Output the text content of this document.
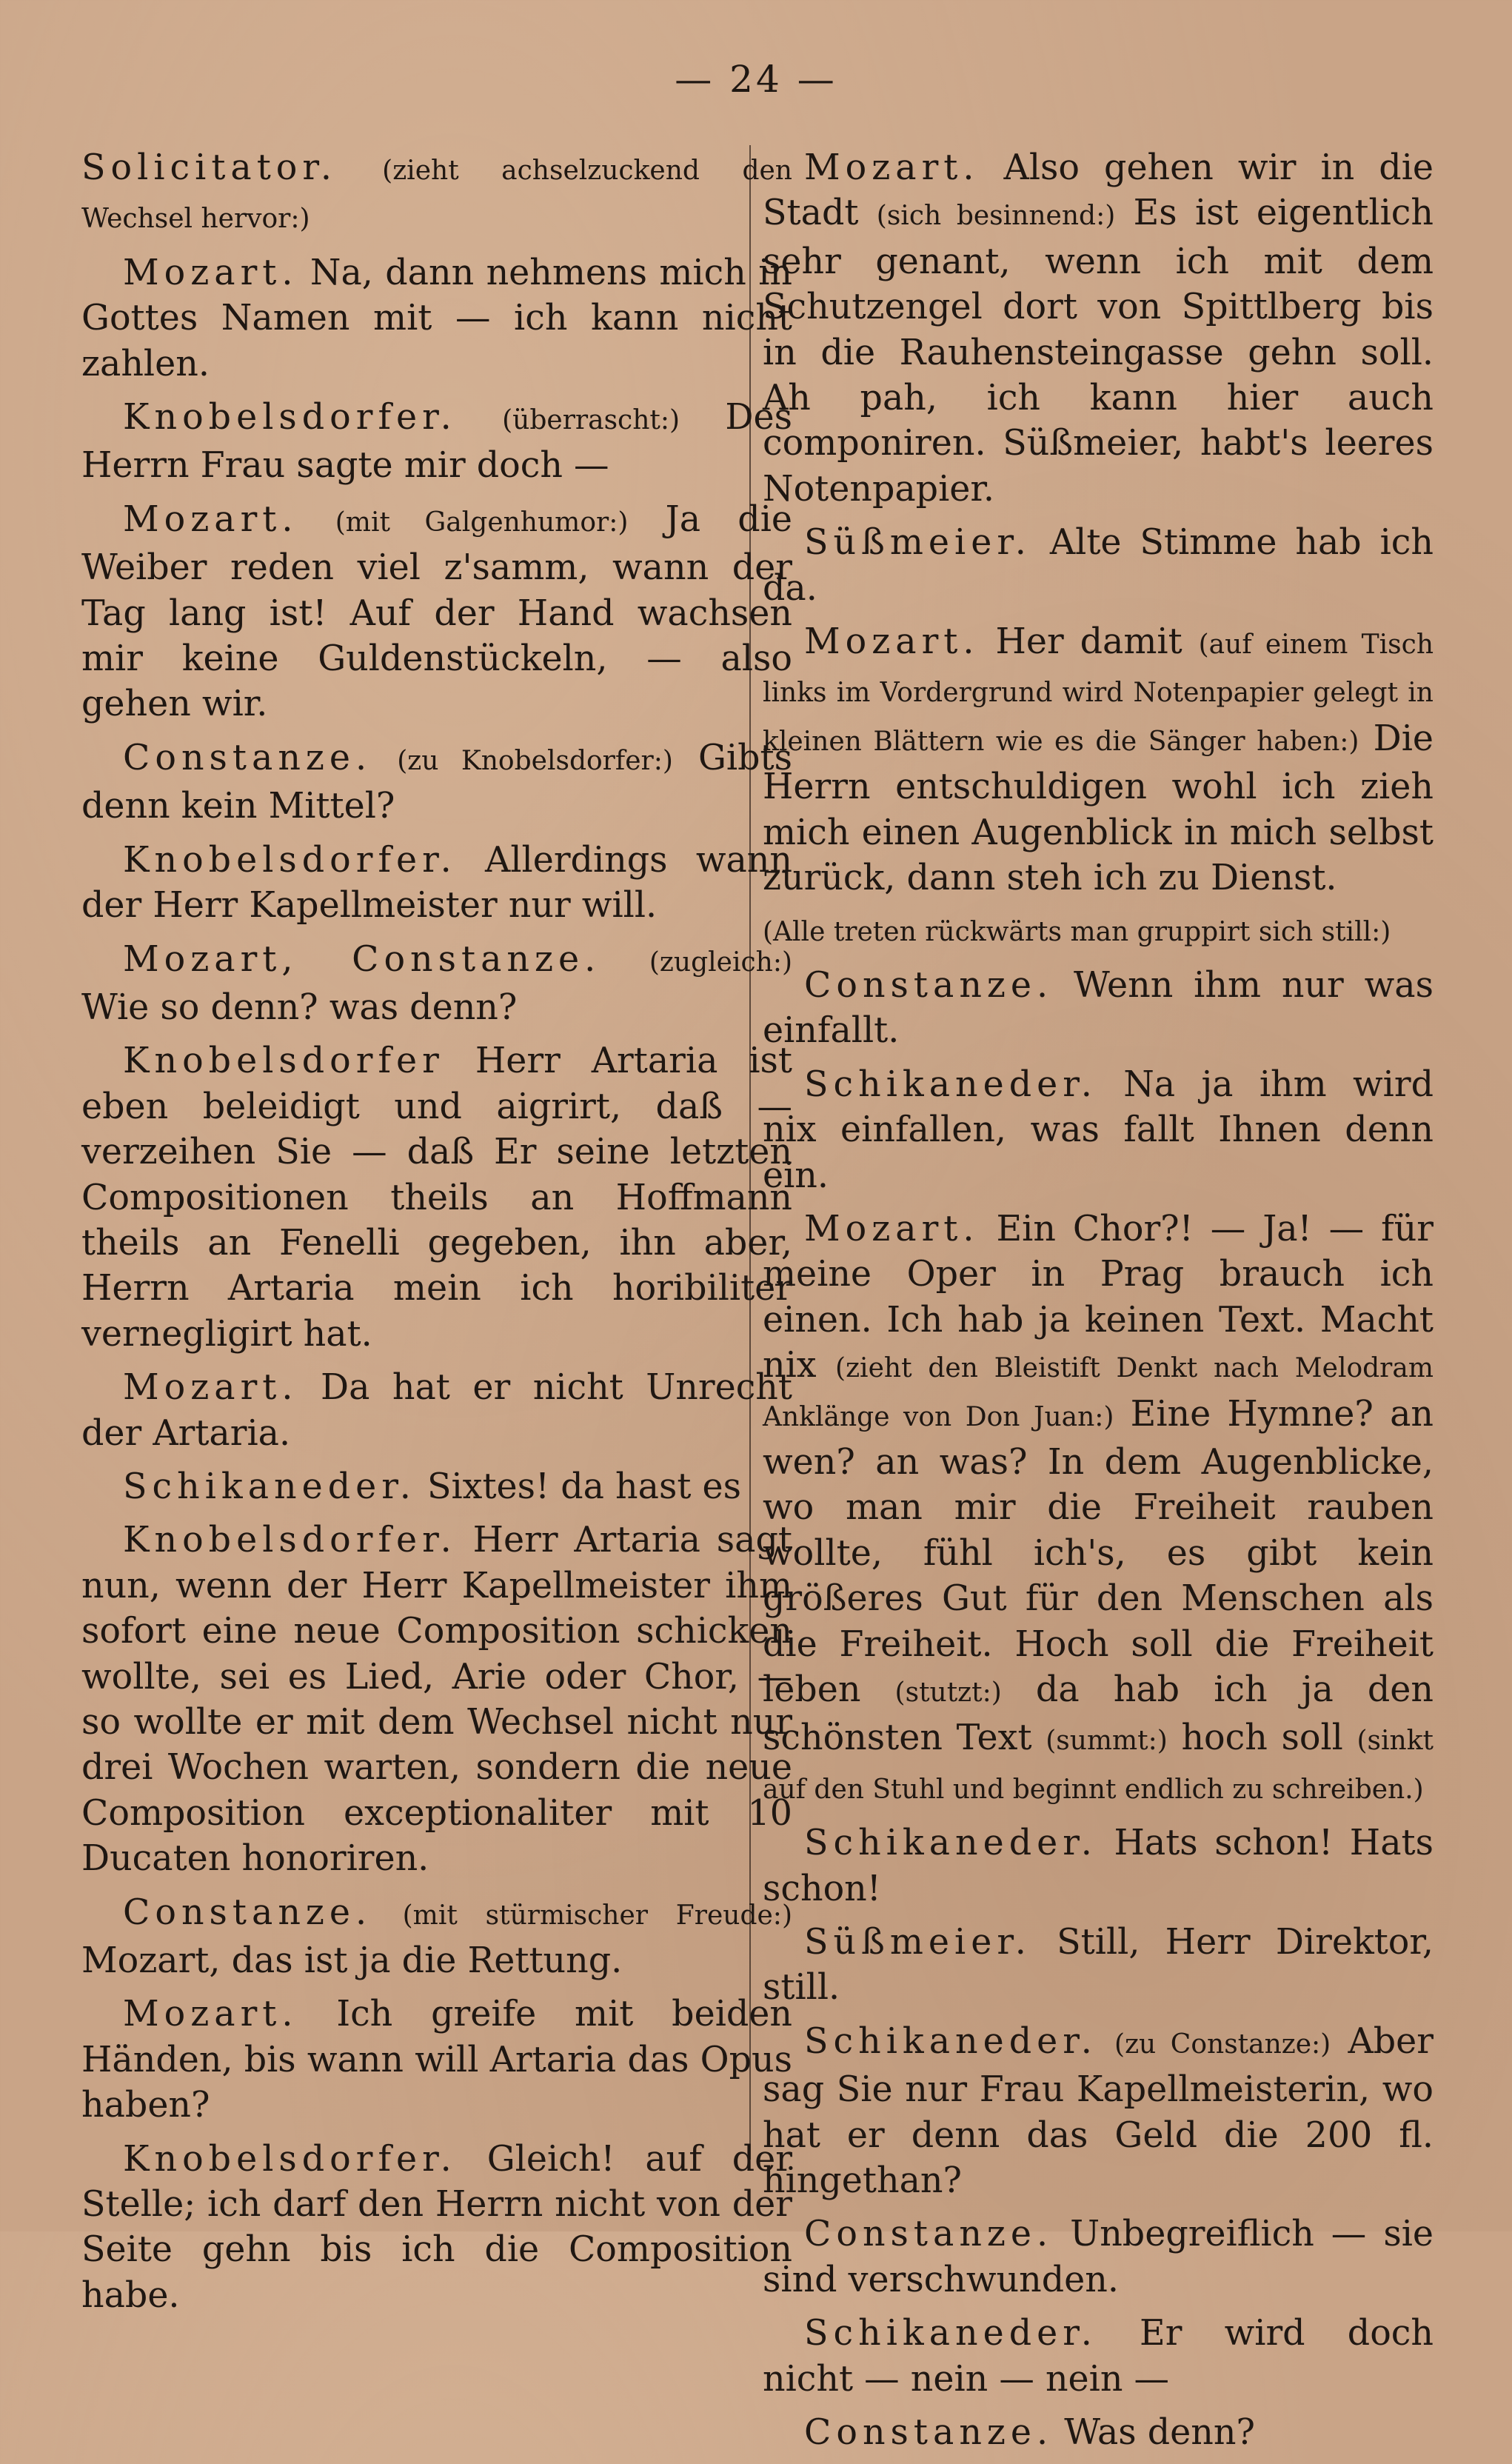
— 24 —

Solicitator. (zieht achselzuckend den Wechsel hervor:)

Mozart. Na, dann nehmens mich in Gottes Namen mit — ich kann nicht zahlen.

Knobelsdorfer. (überrascht:) Des Herrn Frau sagte mir doch —

Mozart. (mit Galgenhumor:) Ja die Weiber reden viel z'samm, wann der Tag lang ist! Auf der Hand wachsen mir keine Guldenstückeln, — also gehen wir.

Constanze. (zu Knobelsdorfer:) Gibts denn kein Mittel?

Knobelsdorfer. Allerdings wann der Herr Kapellmeister nur will.

Mozart, Constanze. (zugleich:) Wie so denn? was denn?

Knobelsdorfer Herr Artaria ist eben beleidigt und aigrirt, daß — verzeihen Sie — daß Er seine letzten Compositionen theils an Hoffmann theils an Fenelli gegeben, ihn aber, Herrn Artaria mein ich horibiliter vernegligirt hat.

Mozart. Da hat er nicht Unrecht der Artaria.

Schikaneder. Sixtes! da hast es

Knobelsdorfer. Herr Artaria sagt nun, wenn der Herr Kapellmeister ihm sofort eine neue Composition schicken wollte, sei es Lied, Arie oder Chor, — so wollte er mit dem Wechsel nicht nur drei Wochen warten, sondern die neue Composition exceptionaliter mit 10 Ducaten honoriren.

Constanze. (mit stürmischer Freude:) Mozart, das ist ja die Rettung.

Mozart. Ich greife mit beiden Händen, bis wann will Artaria das Opus haben?

Knobelsdorfer. Gleich! auf der Stelle; ich darf den Herrn nicht von der Seite gehn bis ich die Composition habe.

Mozart. Also gehen wir in die Stadt (sich besinnend:) Es ist eigentlich sehr genant, wenn ich mit dem Schutzengel dort von Spittlberg bis in die Rauhensteingasse gehn soll. Ah pah, ich kann hier auch componiren. Süßmeier, habt's leeres Notenpapier.

Süßmeier. Alte Stimme hab ich da.

Mozart. Her damit (auf einem Tisch links im Vordergrund wird Notenpapier gelegt in kleinen Blättern wie es die Sänger haben:) Die Herrn entschuldigen wohl ich zieh mich einen Augenblick in mich selbst zurück, dann steh ich zu Dienst.

(Alle treten rückwärts man gruppirt sich still:)

Constanze. Wenn ihm nur was einfallt.

Schikaneder. Na ja ihm wird nix einfallen, was fallt Ihnen denn ein.

Mozart. Ein Chor?! — Ja! — für meine Oper in Prag brauch ich einen. Ich hab ja keinen Text. Macht nix (zieht den Bleistift Denkt nach Melodram Anklänge von Don Juan:) Eine Hymne? an wen? an was? In dem Augenblicke, wo man mir die Freiheit rauben wollte, fühl ich's, es gibt kein größeres Gut für den Menschen als die Freiheit. Hoch soll die Freiheit leben (stutzt:) da hab ich ja den schönsten Text (summt:) hoch soll (sinkt auf den Stuhl und beginnt endlich zu schreiben.)

Schikaneder. Hats schon! Hats schon!

Süßmeier. Still, Herr Direktor, still.

Schikaneder. (zu Constanze:) Aber sag Sie nur Frau Kapellmeisterin, wo hat er denn das Geld die 200 fl. hingethan?

Constanze. Unbegreiflich — sie sind verschwunden.

Schikaneder. Er wird doch nicht — nein — nein —

Constanze. Was denn?
